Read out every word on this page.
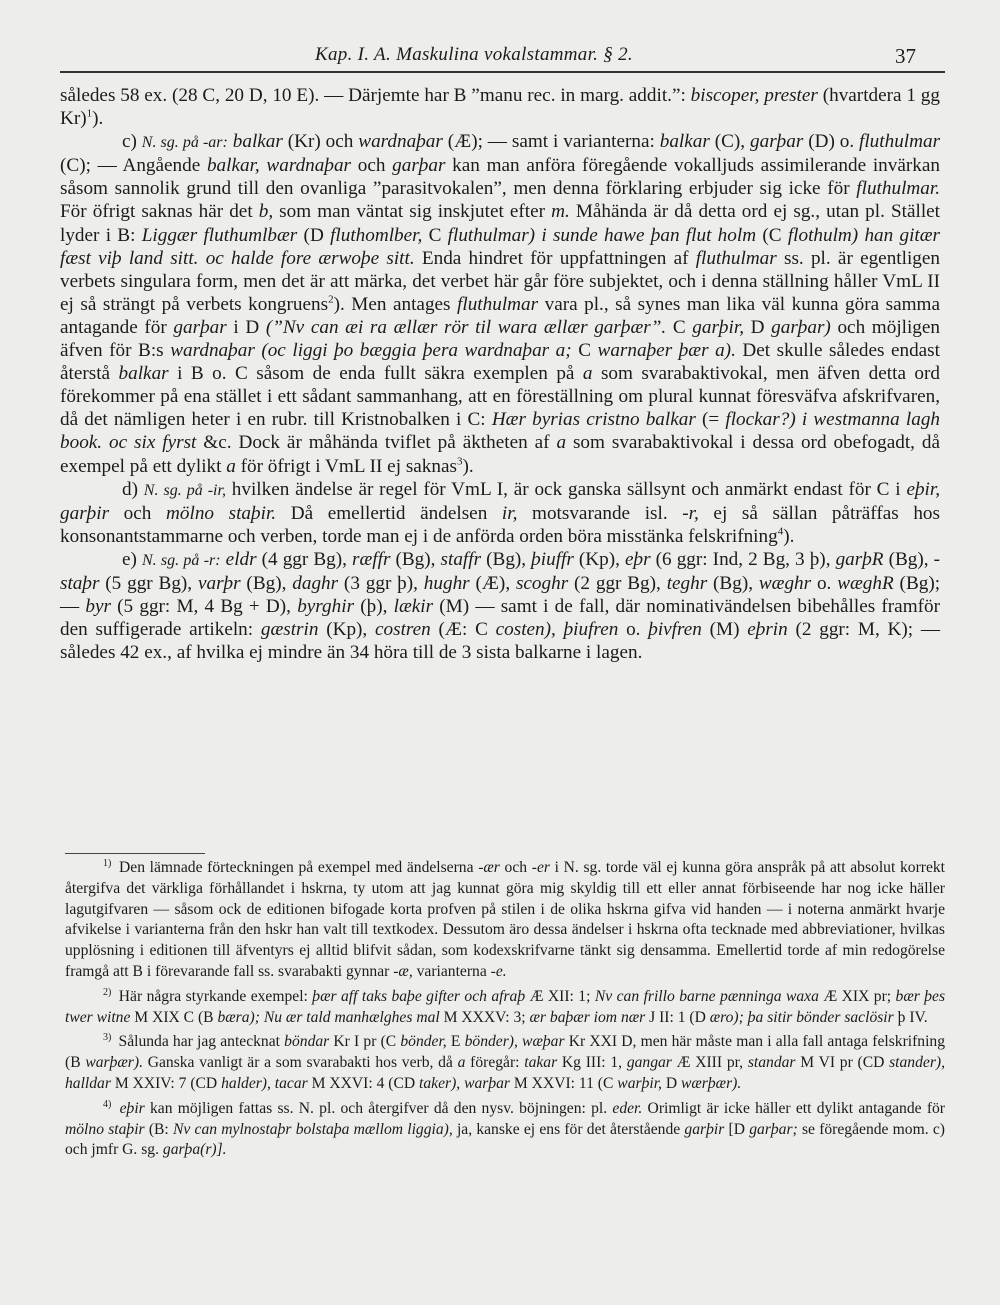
Kap. I. A. Maskulina vokalstammar. § 2.	37

således 58 ex. (28 C, 20 D, 10 E). — Därjemte har B ”manu rec. in marg. addit.”: biscoper, prester (hvartdera 1 gg Kr)$^1$).

c) N. sg. på -ar: balkar (Kr) och wardnaþar (Æ); — samt i varianterna: balkar (C), garþar (D) o. fluthulmar (C); — Angående balkar, wardnaþar och garþar kan man anföra föregående vokalljuds assimilerande invärkan såsom sannolik grund till den ovanliga ”parasitvokalen”, men denna förklaring erbjuder sig icke för fluthulmar. För öfrigt saknas här det b, som man väntat sig inskjutet efter m. Måhända är då detta ord ej sg., utan pl. Stället lyder i B: Liggær fluthumlbær (D fluthomlber, C fluthulmar) i sunde hawe þan flut holm (C flothulm) han gitær fæst viþ land sitt. oc halde fore ærwoþe sitt. Enda hindret för uppfattningen af fluthulmar ss. pl. är egentligen verbets singulara form, men det är att märka, det verbet här går före subjektet, och i denna ställning håller VmL II ej så strängt på verbets kongruens$^2$). Men antages fluthulmar vara pl., så synes man lika väl kunna göra samma antagande för garþar i D (”Nv can æi ra ællær rör til wara ællær garþær”. C garþir, D garþar) och möjligen äfven för B:s wardnaþar (oc liggi þo bæggia þera wardnaþar a; C warnaþer þær a). Det skulle således endast återstå balkar i B o. C såsom de enda fullt säkra exemplen på a som svarabaktivokal, men äfven detta ord förekommer på ena stället i ett sådant sammanhang, att en föreställning om plural kunnat föresväfva afskrifvaren, då det nämligen heter i en rubr. till Kristnobalken i C: Hær byrias cristno balkar (= flockar?) i westmanna lagh book. oc six fyrst &c. Dock är måhända tviflet på äktheten af a som svarabaktivokal i dessa ord obefogadt, då exempel på ett dylikt a för öfrigt i VmL II ej saknas$^3$).

d) N. sg. på -ir, hvilken ändelse är regel för VmL I, är ock ganska sällsynt och anmärkt endast för C i eþir, garþir och mölno staþir. Då emellertid ändelsen ir, motsvarande isl. -r, ej så sällan påträffas hos konsonantstammarne och verben, torde man ej i de anförda orden böra misstänka felskrifning$^4$).

e) N. sg. på -r: eldr (4 ggr Bg), ræffr (Bg), staffr (Bg), þiuffr (Kp), eþr (6 ggr: Ind, 2 Bg, 3 þ), garþR (Bg), -staþr (5 ggr Bg), varþr (Bg), daghr (3 ggr þ), hughr (Æ), scoghr (2 ggr Bg), teghr (Bg), wæghr o. wæghR (Bg); — byr (5 ggr: M, 4 Bg + D), byrghir (þ), lækir (M) — samt i de fall, där nominativändelsen bibehålles framför den suffigerade artikeln: gæstrin (Kp), costren (Æ: C costen), þiufren o. þivfren (M) eþrin (2 ggr: M, K); — således 42 ex., af hvilka ej mindre än 34 höra till de 3 sista balkarne i lagen.

$^{1)}$ Den lämnade förteckningen på exempel med ändelserna -ær och -er i N. sg. torde väl ej kunna göra anspråk på att absolut korrekt återgifva det värkliga förhållandet i hskrna, ty utom att jag kunnat göra mig skyldig till ett eller annat förbiseende har nog icke häller lagutgifvaren — såsom ock de editionen bifogade korta profven på stilen i de olika hskrna gifva vid handen — i noterna anmärkt hvarje afvikelse i varianterna från den hskr han valt till textkodex. Dessutom äro dessa ändelser i hskrna ofta tecknade med abbreviationer, hvilkas upplösning i editionen till äfventyrs ej alltid blifvit sådan, som kodexskrifvarne tänkt sig densamma. Emellertid torde af min redogörelse framgå att B i förevarande fall ss. svarabakti gynnar -æ, varianterna -e.

$^{2)}$ Här några styrkande exempel: þær aff taks baþe gifter och afraþ Æ XII: 1; Nv can frillo barne pænninga waxa Æ XIX pr; bær þes twer witne M XIX C (B bæra); Nu ær tald manhælghes mal M XXXV: 3; ær baþær iom nær J II: 1 (D æro); þa sitir bönder saclösir þ IV.

$^{3)}$ Sålunda har jag antecknat böndar Kr I pr (C bönder, E bönder), wæþar Kr XXI D, men här måste man i alla fall antaga felskrifning (B warþær). Ganska vanligt är a som svarabakti hos verb, då a föregår: takar Kg III: 1, gangar Æ XIII pr, standar M VI pr (CD stander), halldar M XXIV: 7 (CD halder), tacar M XXVI: 4 (CD taker), warþar M XXVI: 11 (C warþir, D wærþær).

$^{4)}$ eþir kan möjligen fattas ss. N. pl. och återgifver då den nysv. böjningen: pl. eder. Orimligt är icke häller ett dylikt antagande för mölno staþir (B: Nv can mylnostaþr bolstaþa mællom liggia), ja, kanske ej ens för det återstående garþir [D garþar; se föregående mom. c) och jmfr G. sg. garþa(r)].
